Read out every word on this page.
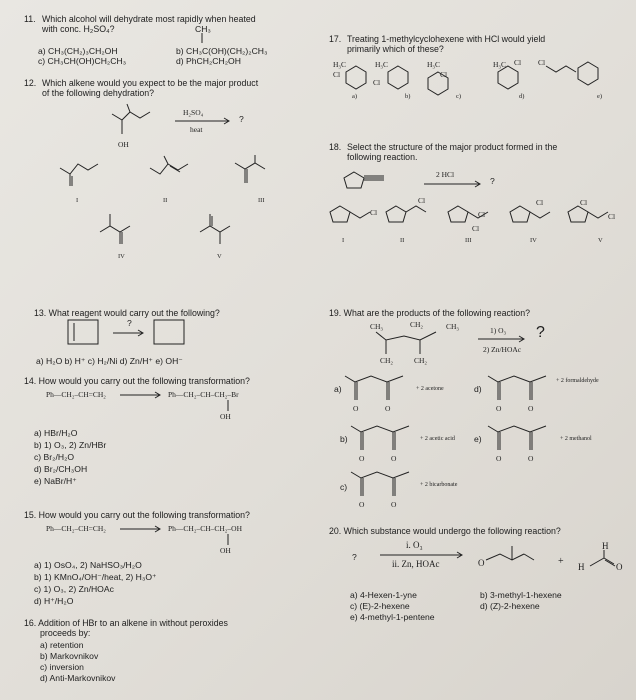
11. Which alcohol will dehydrate most rapidly when heated
with conc. H₂SO₄?	CH₃
a) CH₃(CH₂)₃CH₂OH	b) CH₃C(OH)(CH₂)₂CH₃
c) CH₃CH(OH)CH₂CH₃	d) PhCH₂CH₂OH
12. Which alkene would you expect to be the major product
of the following dehydration?
OH
H₂SO₄
heat
?
I	II	III
IV	V
13. What reagent would carry out the following?
?
a) H₂O b) H⁺ c) H₂/Ni d) Zn/H⁺ e) OH⁻
14. How would you carry out the following transformation?
Ph—CH₂–CH=CH₂	Ph—CH₂–CH–CH₂–Br
OH
a) HBr/H₂O
b) 1) O₃, 2) Zn/HBr
c) Br₂/H₂O
d) Br₂/CH₃OH
e) NaBr/H⁺
15. How would you carry out the following transformation?
Ph—CH₂–CH=CH₂	Ph—CH₂–CH–CH₂–OH
OH
a) 1) OsO₄, 2) NaHSO₃/H₂O
b) 1) KMnO₄/OH⁻/heat, 2) H₃O⁺
c) 1) O₃, 2) Zn/HOAc
d) H⁺/H₂O
16. Addition of HBr to an alkene in without peroxides
proceeds by:
a) retention
b) Markovnikov
c) inversion
d) Anti-Markovnikov
17. Treating 1-methylcyclohexene with HCl would yield
primarily which of these?
H₃C
Cl
H₃C
Cl
H₃C
Cl
H₃C Cl Cl
a)	b)	c)	d)	e)
18. Select the structure of the major product formed in the
following reaction.
2 HCl
?
Cl
Cl
Cl
Cl
Cl	Cl
Cl
I	II	III	IV	V
19. What are the products of the following reaction?
CH₃	CH₂	CH₃
CH₂	CH₂
1) O₃
2) Zn/HOAc
?
a)
O	O
+ 2 acetone
b)
O	O
+ 2 acetic acid
c)
O	O
+ 2 bicarbonate
d)
O	O
+ 2 formaldehyde
e)
O	O
+ 2 methanol
20. Which substance would undergo the following reaction?
?
i. O₃
ii. Zn, HOAc	O	+
H
H	O
a) 4-Hexen-1-yne	b) 3-methyl-1-hexene
c) (E)-2-hexene	d) (Z)-2-hexene
e) 4-methyl-1-pentene
